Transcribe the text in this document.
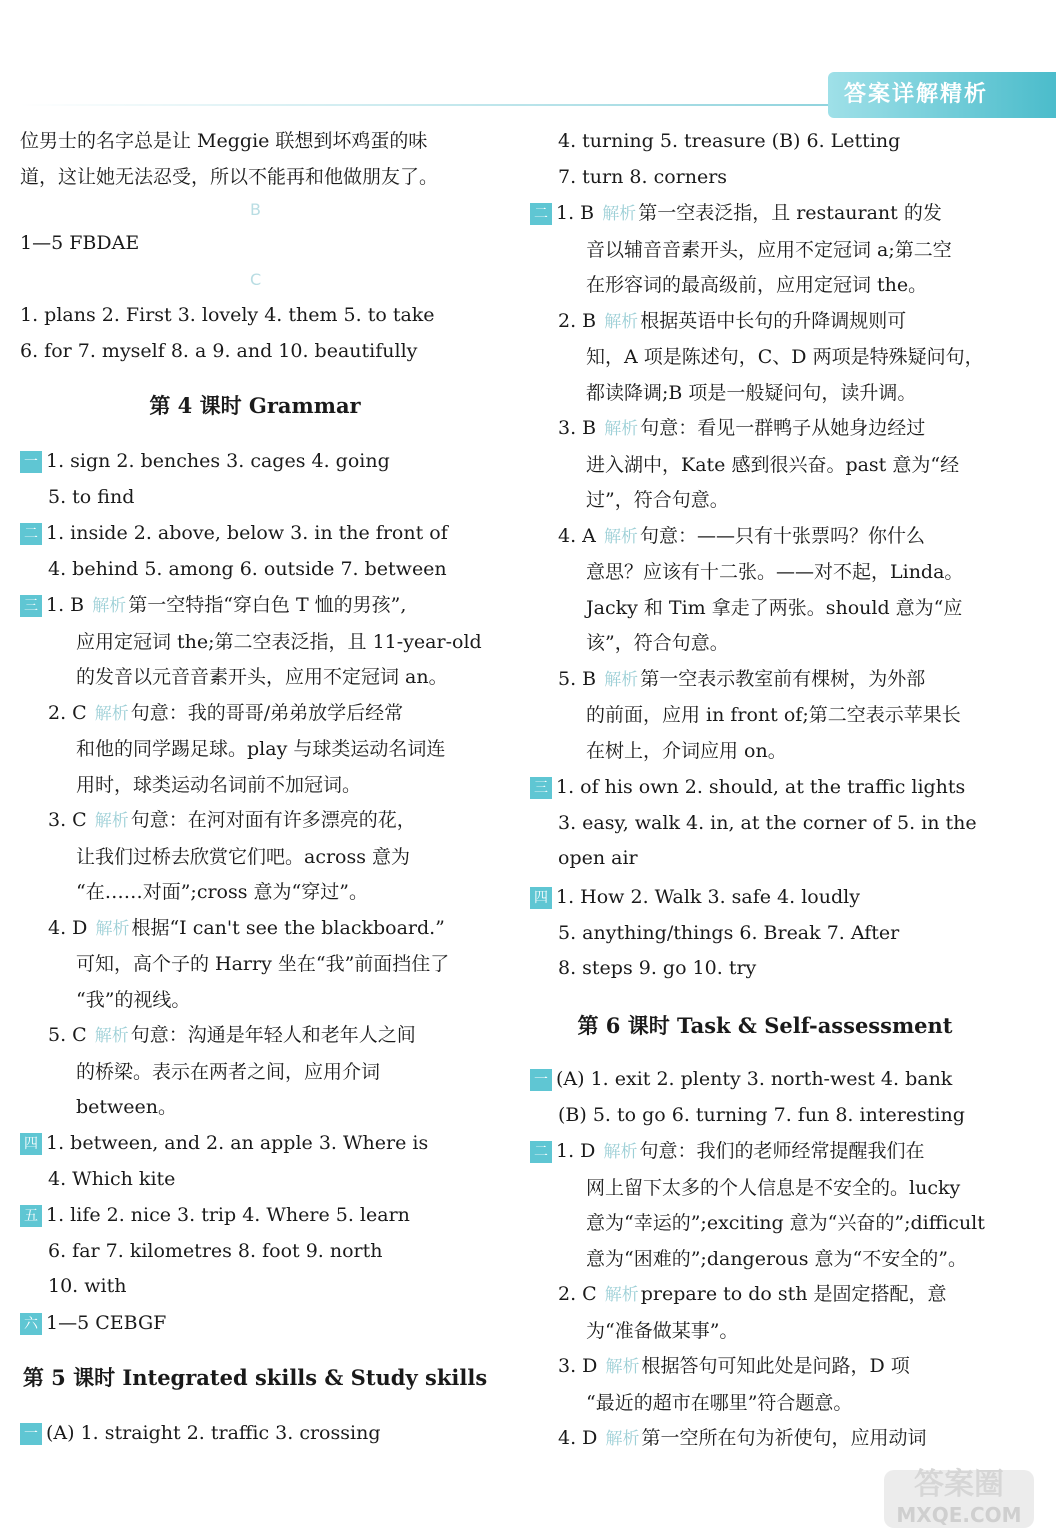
答案详解精析
位男士的名字总是让 Meggie 联想到坏鸡蛋的味
道，这让她无法忍受，所以不能再和他做朋友了。
B
1—5 FBDAE
C
1. plans 2. First 3. lovely 4. them 5. to take
6. for 7. myself 8. a 9. and 10. beautifully
第 4 课时 Grammar
一 1. sign 2. benches 3. cages 4. going
5. to find
二 1. inside 2. above, below 3. in the front of
4. behind 5. among 6. outside 7. between
三 1. B 解析 第一空特指“穿白色 T 恤的男孩”,
应用定冠词 the;第二空表泛指，且 11-year-old
的发音以元音音素开头，应用不定冠词 an。
2. C 解析 句意：我的哥哥/弟弟放学后经常
和他的同学踢足球。play 与球类运动名词连
用时，球类运动名词前不加冠词。
3. C 解析 句意：在河对面有许多漂亮的花，
让我们过桥去欣赏它们吧。across 意为
“在……对面”;cross 意为“穿过”。
4. D 解析 根据“I can't see the blackboard.”
可知，高个子的 Harry 坐在“我”前面挡住了
“我”的视线。
5. C 解析 句意：沟通是年轻人和老年人之间
的桥梁。表示在两者之间，应用介词
between。
四 1. between, and 2. an apple 3. Where is
4. Which kite
五 1. life 2. nice 3. trip 4. Where 5. learn
6. far 7. kilometres 8. foot 9. north
10. with
六 1—5 CEBGF
第 5 课时 Integrated skills & Study skills
一 (A) 1. straight 2. traffic 3. crossing
4. turning 5. treasure (B) 6. Letting
7. turn 8. corners
二 1. B 解析 第一空表泛指，且 restaurant 的发
音以辅音音素开头，应用不定冠词 a;第二空
在形容词的最高级前，应用定冠词 the。
2. B 解析 根据英语中长句的升降调规则可
知，A 项是陈述句，C、D 两项是特殊疑问句，
都读降调;B 项是一般疑问句，读升调。
3. B 解析 句意：看见一群鸭子从她身边经过
进入湖中，Kate 感到很兴奋。past 意为“经
过”，符合句意。
4. A 解析 句意：——只有十张票吗？你什么
意思？应该有十二张。——对不起，Linda。
Jacky 和 Tim 拿走了两张。should 意为“应
该”，符合句意。
5. B 解析 第一空表示教室前有棵树，为外部
的前面，应用 in front of;第二空表示苹果长
在树上，介词应用 on。
三 1. of his own 2. should, at the traffic lights
3. easy, walk 4. in, at the corner of 5. in the
open air
四 1. How 2. Walk 3. safe 4. loudly
5. anything/things 6. Break 7. After
8. steps 9. go 10. try
第 6 课时 Task & Self-assessment
一 (A) 1. exit 2. plenty 3. north-west 4. bank
(B) 5. to go 6. turning 7. fun 8. interesting
二 1. D 解析 句意：我们的老师经常提醒我们在
网上留下太多的个人信息是不安全的。lucky
意为“幸运的”;exciting 意为“兴奋的”;difficult
意为“困难的”;dangerous 意为“不安全的”。
2. C 解析 prepare to do sth 是固定搭配，意
为“准备做某事”。
3. D 解析 根据答句可知此处是问路，D 项
“最近的超市在哪里”符合题意。
4. D 解析 第一空所在句为祈使句，应用动词
答案圈
MXQE.COM
